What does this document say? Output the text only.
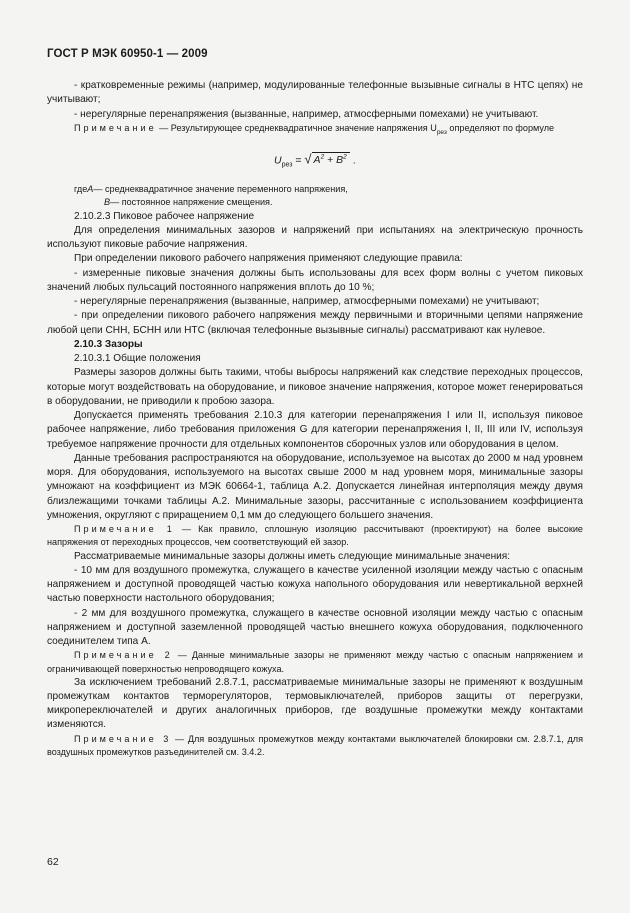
ГОСТ Р МЭК 60950-1 — 2009

- кратковременные режимы (например, модулированные телефонные вызывные сигналы в НТС цепях) не учитывают;

- нерегулярные перенапряжения (вызванные, например, атмосферными помехами) не учитывают.

Примечание — Результирующее среднеквадратичное значение напряжения $U_{рез}$ определяют по формуле

$U_{рез}$ = √ $A^2 + B^2$ .
где A — среднеквадратичное значение переменного напряжения,
B — постоянное напряжение смещения.

2.10.2.3 Пиковое рабочее напряжение

Для определения минимальных зазоров и напряжений при испытаниях на электрическую прочность используют пиковые рабочие напряжения.

При определении пикового рабочего напряжения применяют следующие правила:

- измеренные пиковые значения должны быть использованы для всех форм волны с учетом пиковых значений любых пульсаций постоянного напряжения вплоть до 10 %;

- нерегулярные перенапряжения (вызванные, например, атмосферными помехами) не учитывают;

- при определении пикового рабочего напряжения между первичными и вторичными цепями напряжение любой цепи СНН, БСНН или НТС (включая телефонные вызывные сигналы) рассматривают как нулевое.

2.10.3 Зазоры

2.10.3.1 Общие положения

Размеры зазоров должны быть такими, чтобы выбросы напряжений как следствие переходных процессов, которые могут воздействовать на оборудование, и пиковое значение напряжения, которое может генерироваться в оборудовании, не приводили к пробою зазора.

Допускается применять требования 2.10.3 для категории перенапряжения I или II, используя пиковое рабочее напряжение, либо требования приложения G для категории перенапряжения I, II, III или IV, используя требуемое напряжение прочности для отдельных компонентов сборочных узлов или оборудования в целом.

Данные требования распространяются на оборудование, используемое на высотах до 2000 м над уровнем моря. Для оборудования, используемого на высотах свыше 2000 м над уровнем моря, минимальные зазоры умножают на коэффициент из МЭК 60664-1, таблица А.2. Допускается линейная интерполяция между двумя близлежащими точками таблицы А.2. Минимальные зазоры, рассчитанные с использованием коэффициента умножения, округляют с приращением 0,1 мм до следующего большего значения.

Примечание 1 — Как правило, сплошную изоляцию рассчитывают (проектируют) на более высокие напряжения от переходных процессов, чем соответствующий ей зазор.

Рассматриваемые минимальные зазоры должны иметь следующие минимальные значения:

- 10 мм для воздушного промежутка, служащего в качестве усиленной изоляции между частью с опасным напряжением и доступной проводящей частью кожуха напольного оборудования или невертикальной верхней частью поверхности настольного оборудования;

- 2 мм для воздушного промежутка, служащего в качестве основной изоляции между частью с опасным напряжением и доступной заземленной проводящей частью внешнего кожуха оборудования, подключенного соединителем типа А.

Примечание 2 — Данные минимальные зазоры не применяют между частью с опасным напряжением и ограничивающей поверхностью непроводящего кожуха.

За исключением требований 2.8.7.1, рассматриваемые минимальные зазоры не применяют к воздушным промежуткам контактов терморегуляторов, термовыключателей, приборов защиты от перегрузки, микропереключателей и других аналогичных приборов, где воздушные промежутки между контактами изменяются.

Примечание 3 — Для воздушных промежутков между контактами выключателей блокировки см. 2.8.7.1, для воздушных промежутков разъединителей см. 3.4.2.

62
